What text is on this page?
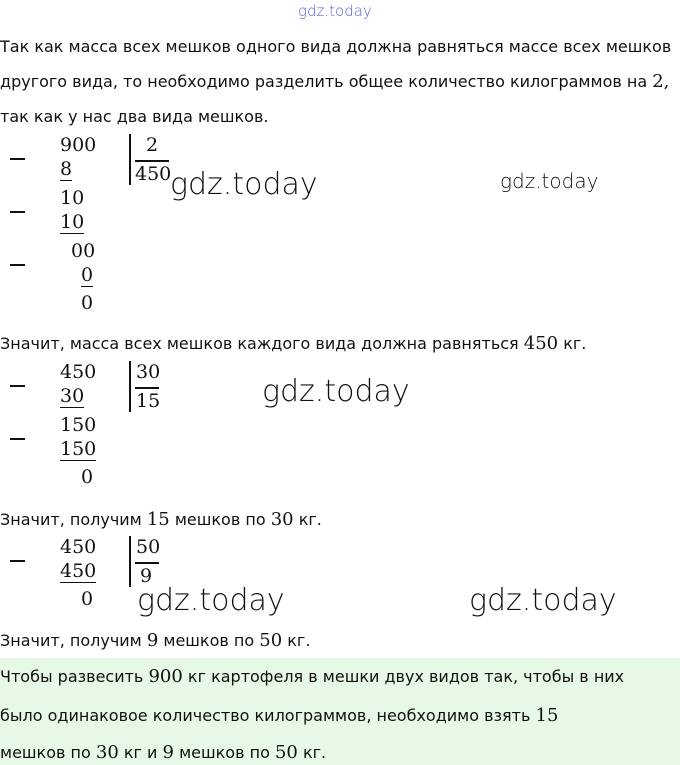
gdz.today
Так как масса всех мешков одного вида должна равняться массе всех мешков
другого вида, то необходимо разделить общее количество килограммов на 2,
так как у нас два вида мешков.
900	2
450
8
10
10
00
0
0
gdz.today	gdz.today
Значит, масса всех мешков каждого вида должна равняться 450 кг.
450 30
15
30
150
150
0
gdz.today
Значит, получим 15 мешков по 30 кг.
450 50
9
450
0 gdz.today	gdz.today
Значит, получим 9 мешков по 50 кг.
Чтобы развесить 900 кг картофеля в мешки двух видов так, чтобы в них
было одинаковое количество килограммов, необходимо взять 15
мешков по 30 кг и 9 мешков по 50 кг.
